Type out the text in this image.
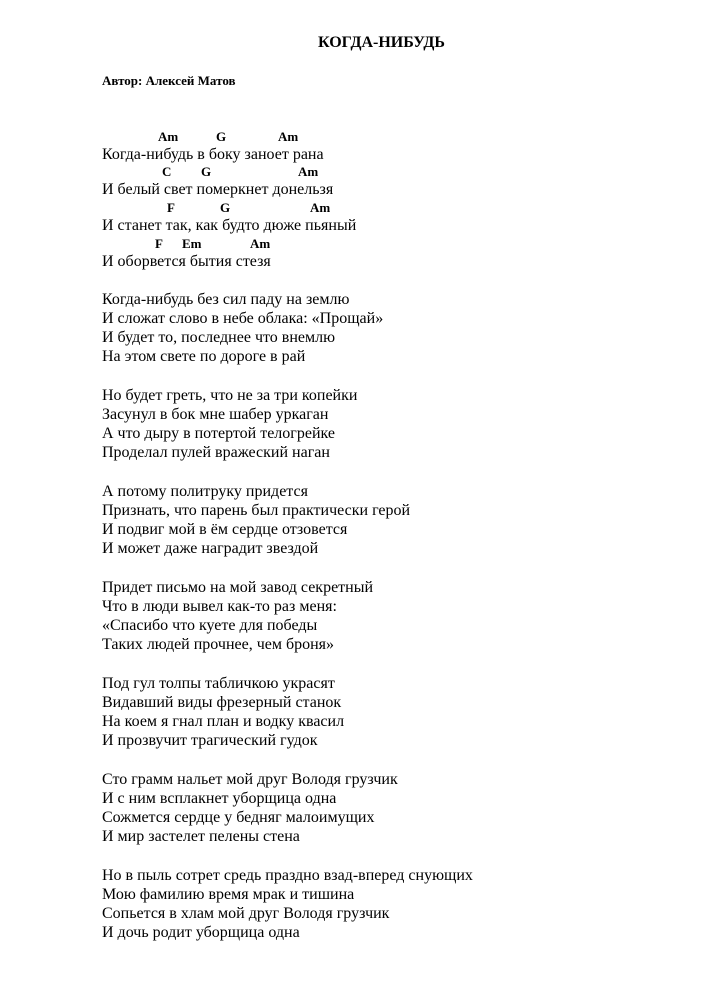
КОГДА-НИБУДЬ
Автор: Алексей Матов
Am	G	Am
Когда-нибудь в боку заноет рана
C G	Am
И белый свет померкнет донельзя
F	G	Am
И станет так, как будто дюже пьяный
F Em	Am
И оборвется бытия стезя
Когда-нибудь без сил паду на землю
И сложат слово в небе облака: «Прощай»
И будет то, последнее что внемлю
На этом свете по дороге в рай
Но будет греть, что не за три копейки
Засунул в бок мне шабер уркаган
А что дыру в потертой телогрейке
Проделал пулей вражеский наган
А потому политруку придется
Признать, что парень был практически герой
И подвиг мой в ём сердце отзовется
И может даже наградит звездой
Придет письмо на мой завод секретный
Что в люди вывел как-то раз меня:
«Спасибо что куете для победы
Таких людей прочнее, чем броня»
Под гул толпы табличкою украсят
Видавший виды фрезерный станок
На коем я гнал план и водку квасил
И прозвучит трагический гудок
Сто грамм нальет мой друг Володя грузчик
И с ним всплакнет уборщица одна
Сожмется сердце у бедняг малоимущих
И мир застелет пелены стена
Но в пыль сотрет средь праздно взад-вперед снующих
Мою фамилию время мрак и тишина
Сопьется в хлам мой друг Володя грузчик
И дочь родит уборщица одна
